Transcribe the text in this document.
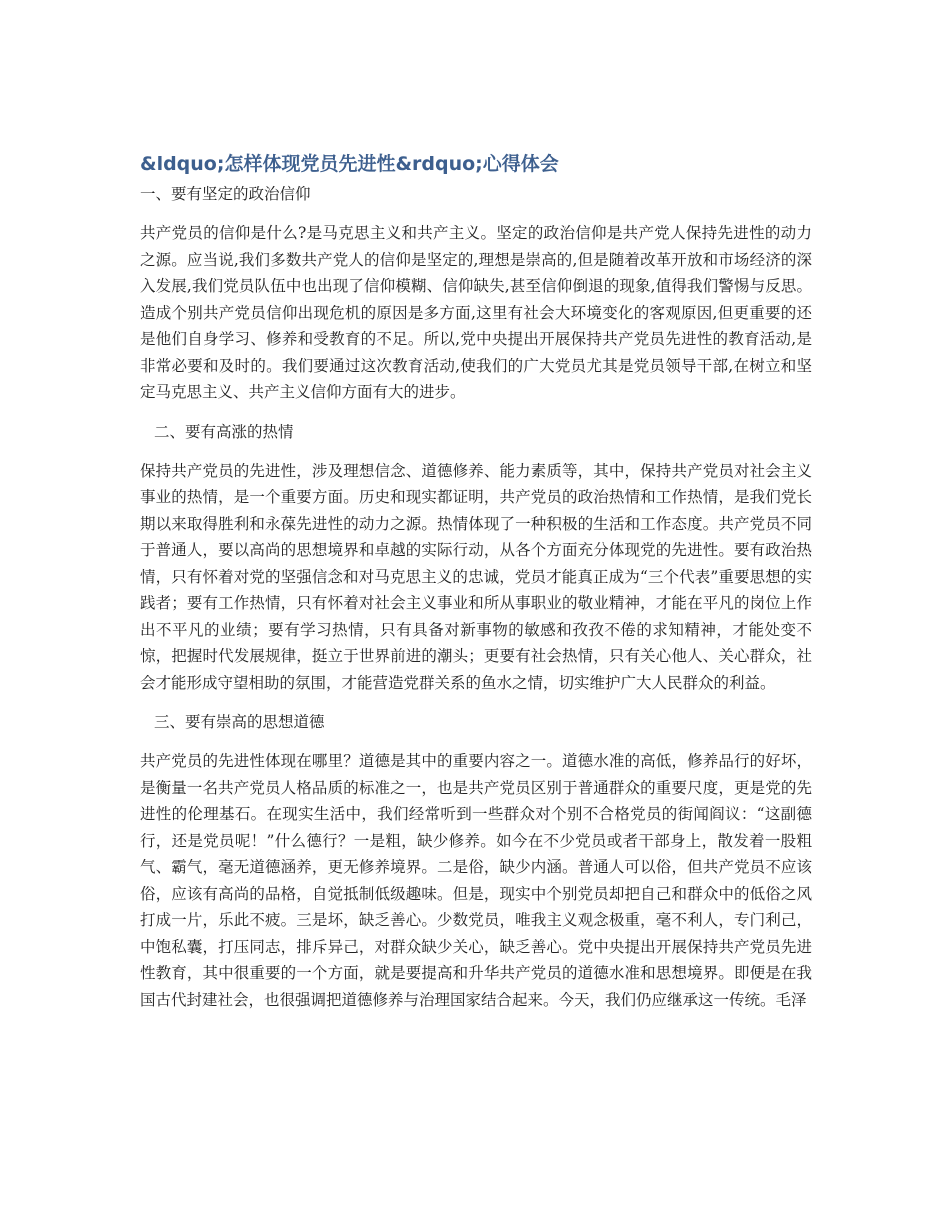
&ldquo;怎样体现党员先进性&rdquo;心得体会

一、要有坚定的政治信仰

共产党员的信仰是什么?是马克思主义和共产主义。坚定的政治信仰是共产党人保持先进性的动力之源。应当说,我们多数共产党人的信仰是坚定的,理想是崇高的,但是随着改革开放和市场经济的深入发展,我们党员队伍中也出现了信仰模糊、信仰缺失,甚至信仰倒退的现象,值得我们警惕与反思。造成个别共产党员信仰出现危机的原因是多方面,这里有社会大环境变化的客观原因,但更重要的还是他们自身学习、修养和受教育的不足。所以,党中央提出开展保持共产党员先进性的教育活动,是非常必要和及时的。我们要通过这次教育活动,使我们的广大党员尤其是党员领导干部,在树立和坚定马克思主义、共产主义信仰方面有大的进步。

二、要有高涨的热情

保持共产党员的先进性，涉及理想信念、道德修养、能力素质等，其中，保持共产党员对社会主义事业的热情，是一个重要方面。历史和现实都证明，共产党员的政治热情和工作热情，是我们党长期以来取得胜利和永葆先进性的动力之源。热情体现了一种积极的生活和工作态度。共产党员不同于普通人，要以高尚的思想境界和卓越的实际行动，从各个方面充分体现党的先进性。要有政治热情，只有怀着对党的坚强信念和对马克思主义的忠诚，党员才能真正成为“三个代表”重要思想的实践者；要有工作热情，只有怀着对社会主义事业和所从事职业的敬业精神，才能在平凡的岗位上作出不平凡的业绩；要有学习热情，只有具备对新事物的敏感和孜孜不倦的求知精神，才能处变不惊，把握时代发展规律，挺立于世界前进的潮头；更要有社会热情，只有关心他人、关心群众，社会才能形成守望相助的氛围，才能营造党群关系的鱼水之情，切实维护广大人民群众的利益。

三、要有崇高的思想道德

共产党员的先进性体现在哪里？道德是其中的重要内容之一。道德水准的高低，修养品行的好坏，是衡量一名共产党员人格品质的标准之一，也是共产党员区别于普通群众的重要尺度，更是党的先进性的伦理基石。在现实生活中，我们经常听到一些群众对个别不合格党员的街闻阎议：“这副德行，还是党员呢！”什么德行？一是粗，缺少修养。如今在不少党员或者干部身上，散发着一股粗气、霸气，毫无道德涵养，更无修养境界。二是俗，缺少内涵。普通人可以俗，但共产党员不应该俗，应该有高尚的品格，自觉抵制低级趣味。但是，现实中个别党员却把自己和群众中的低俗之风打成一片，乐此不疲。三是坏，缺乏善心。少数党员，唯我主义观念极重，毫不利人，专门利己，中饱私囊，打压同志，排斥异己，对群众缺少关心，缺乏善心。党中央提出开展保持共产党员先进性教育，其中很重要的一个方面，就是要提高和升华共产党员的道德水准和思想境界。即便是在我国古代封建社会，也很强调把道德修养与治理国家结合起来。今天，我们仍应继承这一传统。毛泽
